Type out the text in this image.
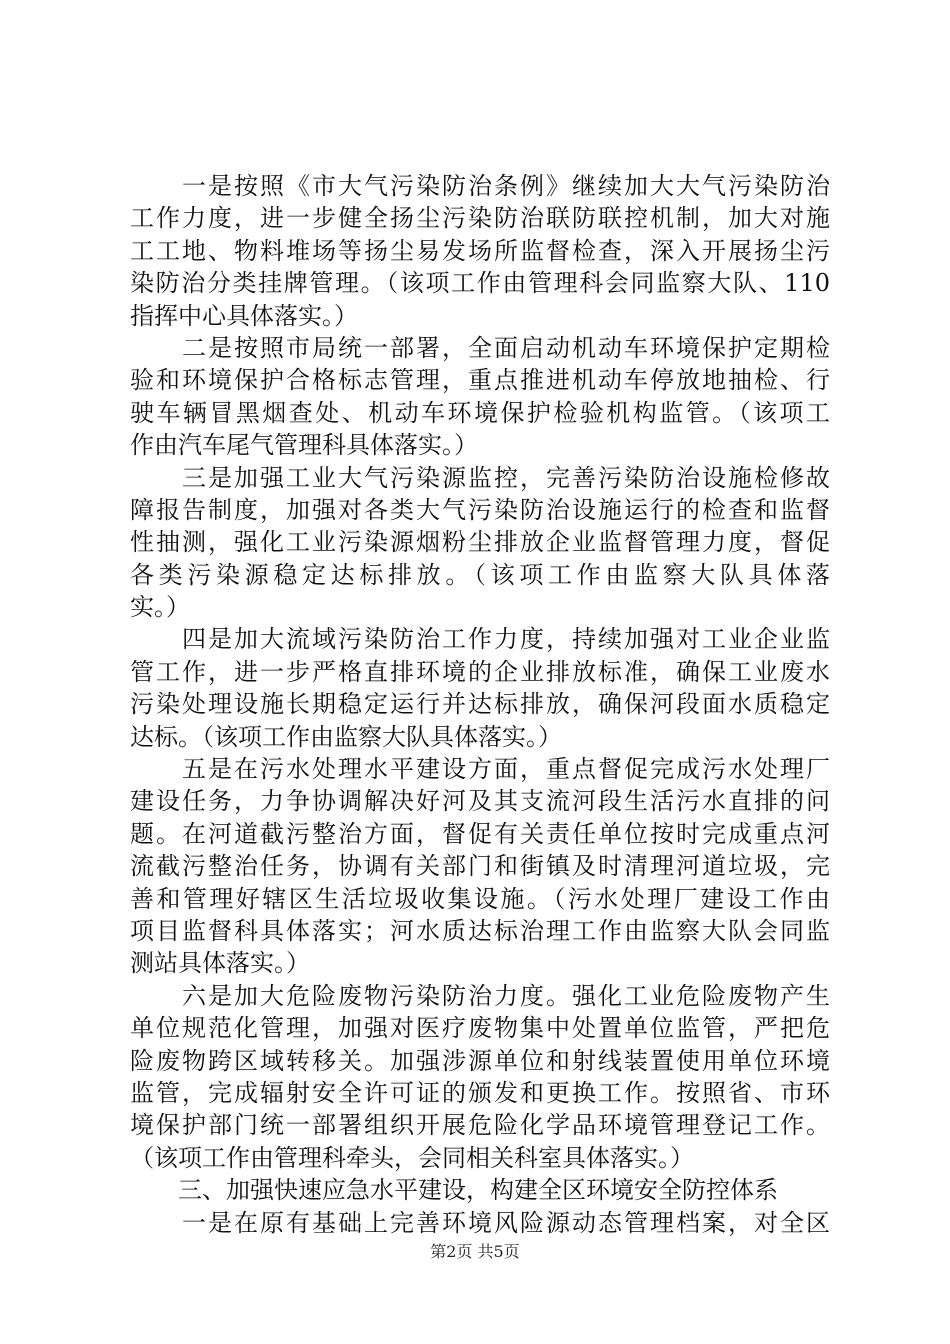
　　一是按照《市大气污染防治条例》继续加大大气污染防治
工作力度，进一步健全扬尘污染防治联防联控机制，加大对施
工工地、物料堆场等扬尘易发场所监督检查，深入开展扬尘污
染防治分类挂牌管理。（该项工作由管理科会同监察大队、110
指挥中心具体落实。）
　　二是按照市局统一部署，全面启动机动车环境保护定期检
验和环境保护合格标志管理，重点推进机动车停放地抽检、行
驶车辆冒黑烟查处、机动车环境保护检验机构监管。（该项工
作由汽车尾气管理科具体落实。）
　　三是加强工业大气污染源监控，完善污染防治设施检修故
障报告制度，加强对各类大气污染防治设施运行的检查和监督
性抽测，强化工业污染源烟粉尘排放企业监督管理力度，督促
各类污染源稳定达标排放。（该项工作由监察大队具体落
实。）
　　四是加大流域污染防治工作力度，持续加强对工业企业监
管工作，进一步严格直排环境的企业排放标准，确保工业废水
污染处理设施长期稳定运行并达标排放，确保河段面水质稳定
达标。（该项工作由监察大队具体落实。）
　　五是在污水处理水平建设方面，重点督促完成污水处理厂
建设任务，力争协调解决好河及其支流河段生活污水直排的问
题。在河道截污整治方面，督促有关责任单位按时完成重点河
流截污整治任务，协调有关部门和街镇及时清理河道垃圾，完
善和管理好辖区生活垃圾收集设施。（污水处理厂建设工作由
项目监督科具体落实；河水质达标治理工作由监察大队会同监
测站具体落实。）
　　六是加大危险废物污染防治力度。强化工业危险废物产生
单位规范化管理，加强对医疗废物集中处置单位监管，严把危
险废物跨区域转移关。加强涉源单位和射线装置使用单位环境
监管，完成辐射安全许可证的颁发和更换工作。按照省、市环
境保护部门统一部署组织开展危险化学品环境管理登记工作。
（该项工作由管理科牵头，会同相关科室具体落实。）
　　三、加强快速应急水平建设，构建全区环境安全防控体系
　　一是在原有基础上完善环境风险源动态管理档案，对全区
第2页 共5页
